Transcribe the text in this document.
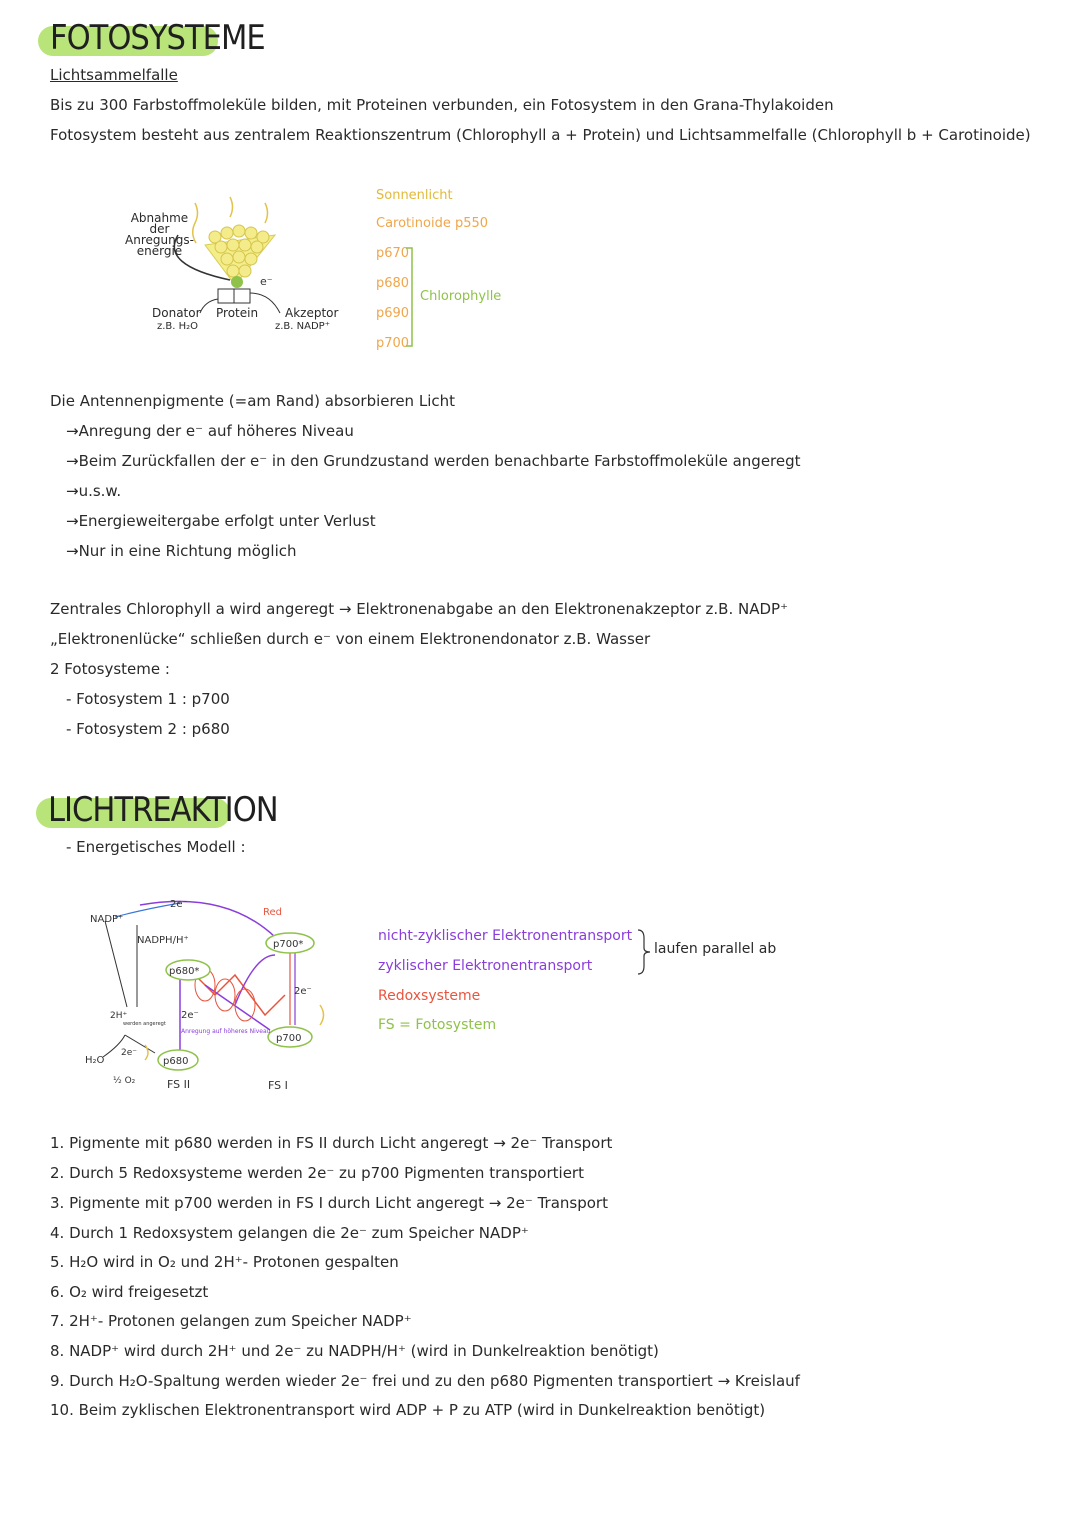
FOTOSYSTEME
Lichtsammelfalle
Bis zu 300 Farbstoffmoleküle bilden, mit Proteinen verbunden, ein Fotosystem in den Grana-Thylakoiden
Fotosystem besteht aus zentralem Reaktionszentrum (Chlorophyll a + Protein) und Lichtsammelfalle (Chlorophyll b + Carotinoide)
e⁻
Abnahme
der
Anregungs-
energie
Donator
z.B. H₂O
Protein Akzeptor
z.B. NADP⁺
Sonnenlicht
Carotinoide p550
p670
p680
p690
p700
Chlorophylle
Die Antennenpigmente (=am Rand) absorbieren Licht
→Anregung der e⁻ auf höheres Niveau
→Beim Zurückfallen der e⁻ in den Grundzustand werden benachbarte Farbstoffmoleküle angeregt
→u.s.w.
→Energieweitergabe erfolgt unter Verlust
→Nur in eine Richtung möglich
Zentrales Chlorophyll a wird angeregt → Elektronenabgabe an den Elektronenakzeptor z.B. NADP⁺
„Elektronenlücke“ schließen durch e⁻ von einem Elektronendonator z.B. Wasser
2 Fotosysteme :
- Fotosystem 1 : p700
- Fotosystem 2 : p680
LICHTREAKTION
- Energetisches Modell :
NADP⁺
NADPH/H⁺
2e⁻
Red
p700*
p680*
2e⁻
2e⁻
p680
p700
FS II	FS I
H₂O
½ O₂
2H⁺
2e⁻
Anregung auf höheres Niveau
werden angeregt
nicht-zyklischer Elektronentransport
zyklischer Elektronentransport
Redoxsysteme
FS = Fotosystem
laufen parallel ab
1. Pigmente mit p680 werden in FS II durch Licht angeregt → 2e⁻ Transport
2. Durch 5 Redoxsysteme werden 2e⁻ zu p700 Pigmenten transportiert
3. Pigmente mit p700 werden in FS I durch Licht angeregt → 2e⁻ Transport
4. Durch 1 Redoxsystem gelangen die 2e⁻ zum Speicher NADP⁺
5. H₂O wird in O₂ und 2H⁺- Protonen gespalten
6. O₂ wird freigesetzt
7. 2H⁺- Protonen gelangen zum Speicher NADP⁺
8. NADP⁺ wird durch 2H⁺ und 2e⁻ zu NADPH/H⁺ (wird in Dunkelreaktion benötigt)
9. Durch H₂O-Spaltung werden wieder 2e⁻ frei und zu den p680 Pigmenten transportiert → Kreislauf
10. Beim zyklischen Elektronentransport wird ADP + P zu ATP (wird in Dunkelreaktion benötigt)
